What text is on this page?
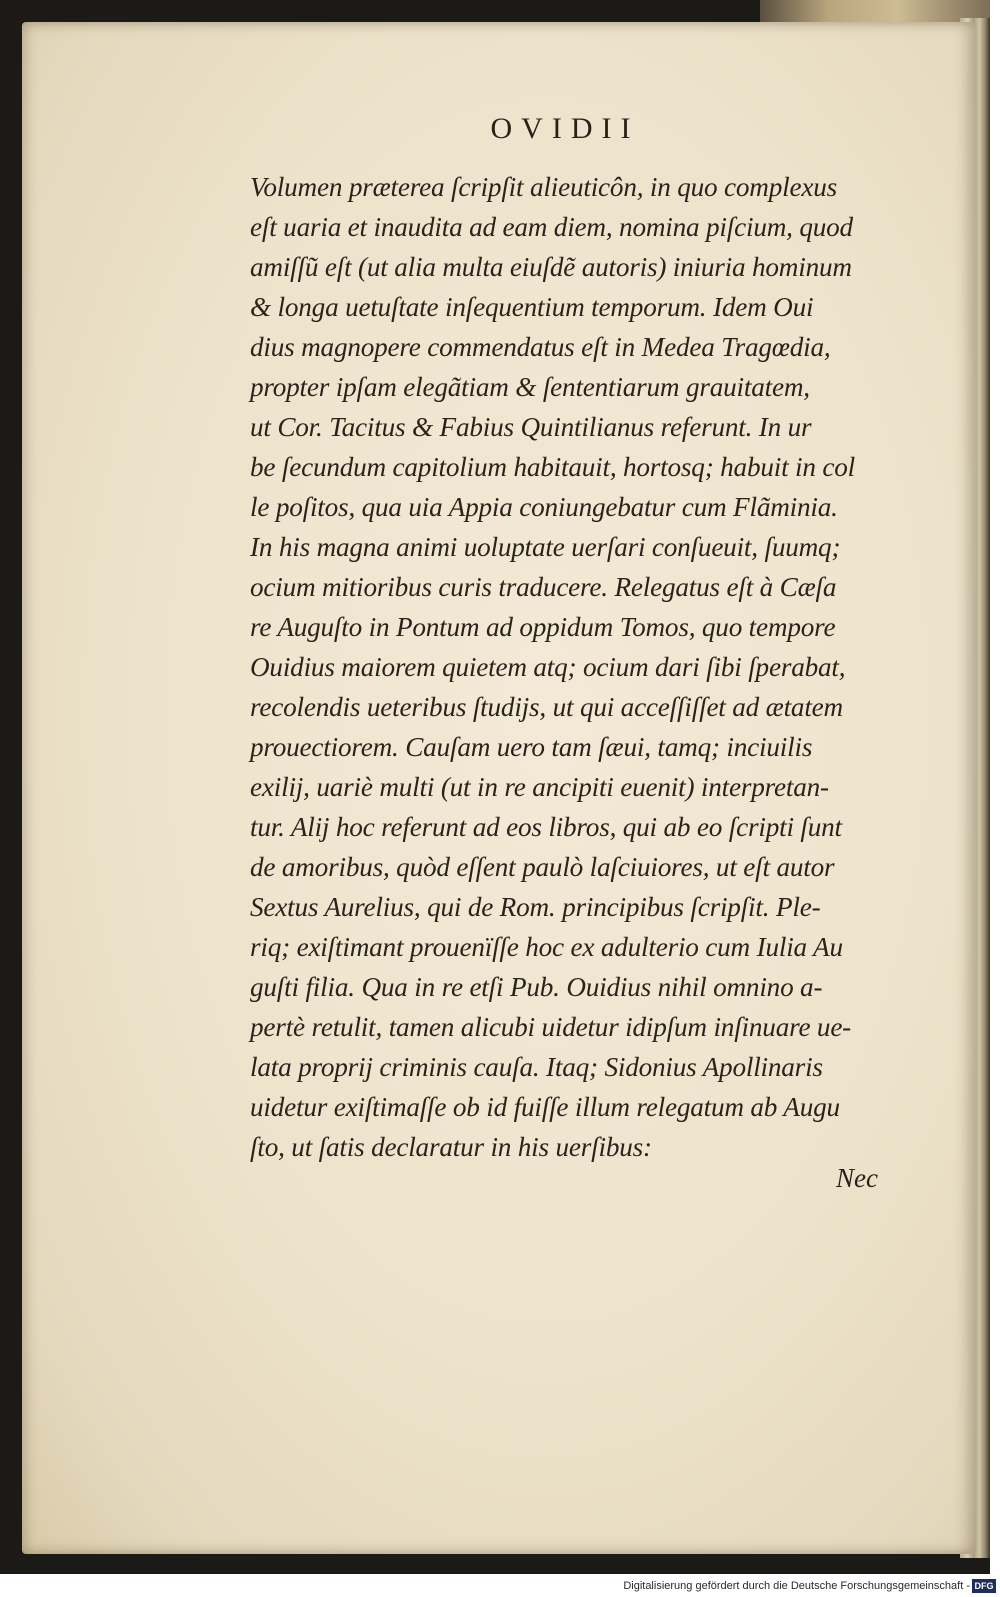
OVIDII
Volumen præterea ſcripſit alieuticôn, in quo complexus
eſt uaria et inaudita ad eam diem, nomina piſcium, quod
amiſſũ eſt (ut alia multa eiuſdẽ autoris) iniuria hominum
& longa uetuſtate inſequentium temporum. Idem Oui
dius magnopere commendatus eſt in Medea Tragœdia,
propter ipſam elegãtiam & ſententiarum grauitatem,
ut Cor. Tacitus & Fabius Quintilianus referunt. In ur
be ſecundum capitolium habitauit, hortosq; habuit in col
le poſitos, qua uia Appia coniungebatur cum Flãminia.
In his magna animi uoluptate uerſari conſueuit, ſuumq;
ocium mitioribus curis traducere. Relegatus eſt à Cæſa
re Auguſto in Pontum ad oppidum Tomos, quo tempore
Ouidius maiorem quietem atq; ocium dari ſibi ſperabat,
recolendis ueteribus ſtudijs, ut qui acceſſiſſet ad ætatem
prouectiorem. Cauſam uero tam ſæui, tamq; inciuilis
exilij, uariè multi (ut in re ancipiti euenit) interpretan-
tur. Alij hoc referunt ad eos libros, qui ab eo ſcripti ſunt
de amoribus, quòd eſſent paulò laſciuiores, ut eſt autor
Sextus Aurelius, qui de Rom. principibus ſcripſit. Ple-
riq; exiſtimant prouenïſſe hoc ex adulterio cum Iulia Au
guſti filia. Qua in re etſi Pub. Ouidius nihil omnino a-
pertè retulit, tamen alicubi uidetur idipſum inſinuare ue-
lata proprij criminis cauſa. Itaq; Sidonius Apollinaris
uidetur exiſtimaſſe ob id fuiſſe illum relegatum ab Augu
ſto, ut ſatis declaratur in his uerſibus:
Nec
Digitalisierung gefördert durch die Deutsche Forschungsgemeinschaft - DFG
